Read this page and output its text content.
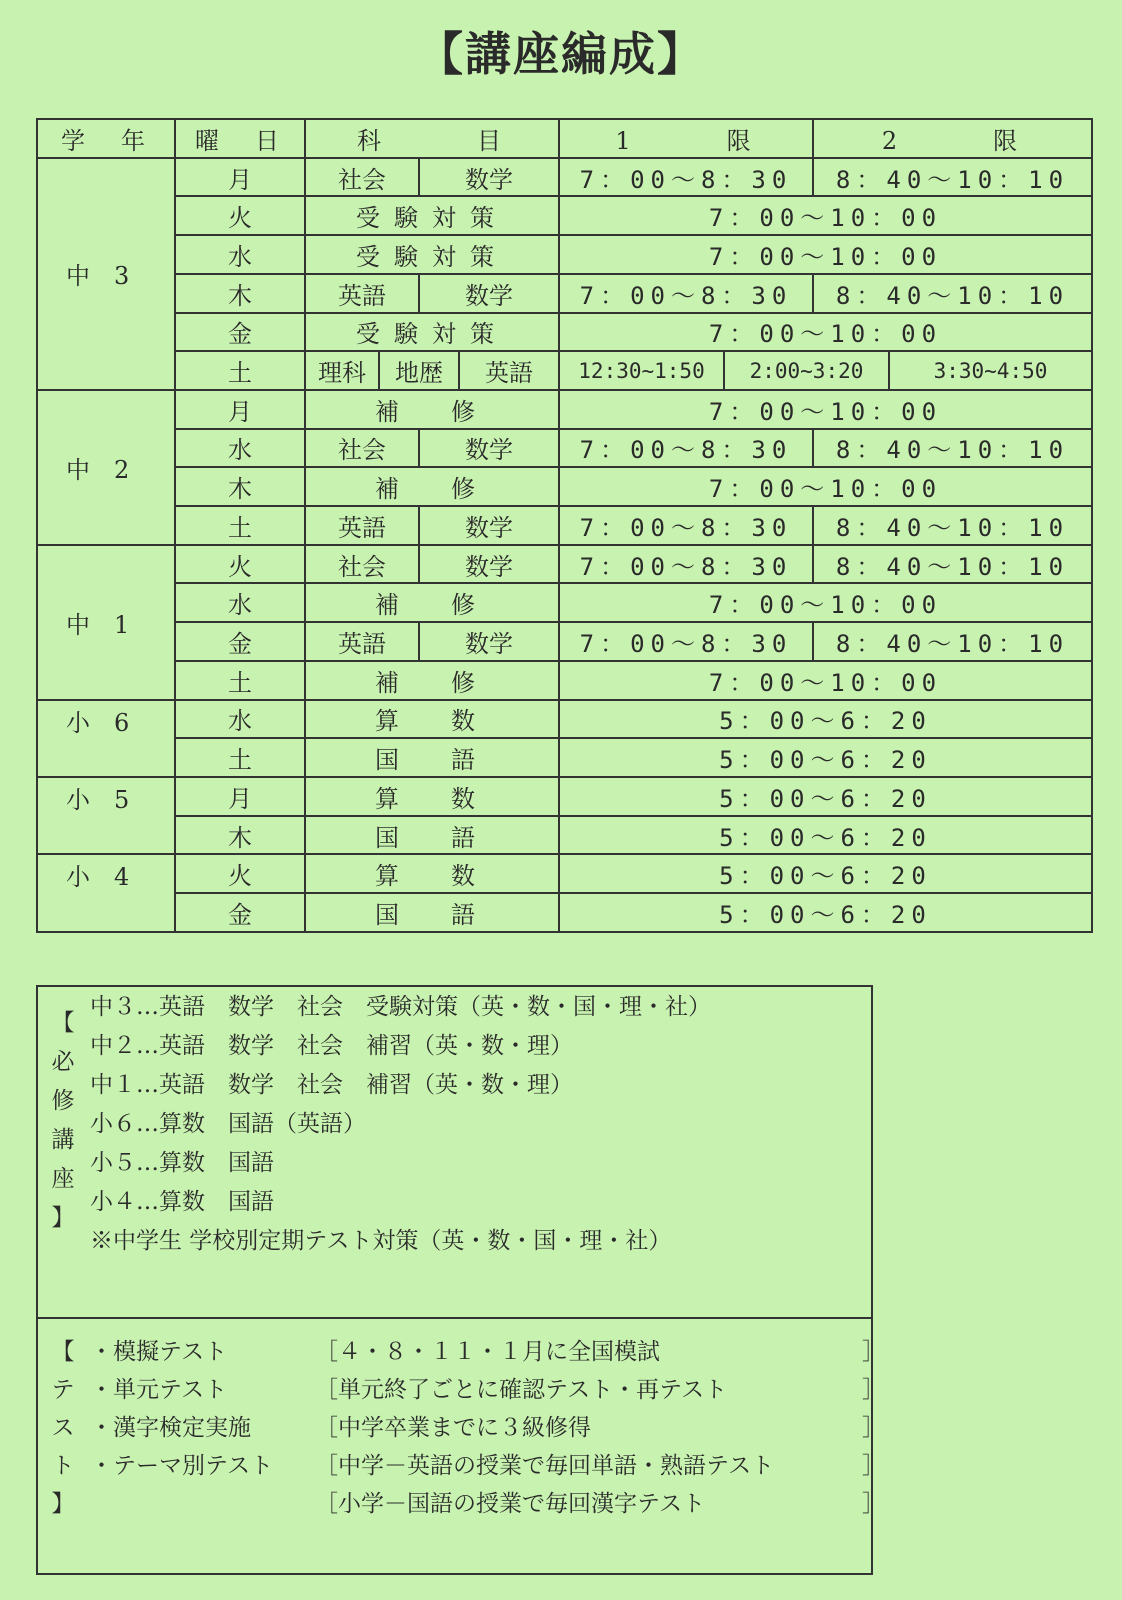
【講座編成】
学　年	曜　日	科　　　目				1　　　限		2　　　限	
中　3	月	社会		数学		7：00～8：30		8：40～10：10	
	火	受験対策				7：00～10：00			
	水	受験対策				7：00～10：00			
	木	英語		数学		7：00～8：30		8：40～10：10	
	金	受験対策				7：00～10：00			
	土	理科	地歴		英語	12:30~1:50	2:00~3:20		3:30~4:50
中　2	月	補　修				7：00～10：00			
	水	社会		数学		7：00～8：30		8：40～10：10	
	木	補　修				7：00～10：00			
	土	英語		数学		7：00～8：30		8：40～10：10	
中　1	火	社会		数学		7：00～8：30		8：40～10：10	
	水	補　修				7：00～10：00			
	金	英語		数学		7：00～8：30		8：40～10：10	
	土	補　修				7：00～10：00			
小　6	水	算　数				5：00～6：20			
	土	国　語				5：00～6：20			
小　5	月	算　数				5：00～6：20			
	木	国　語				5：00～6：20			
小　4	火	算　数				5：00～6：20			
	金	国　語				5：00～6：20			
【
必
修
講
座
】
中３…英語　数学　社会　受験対策（英・数・国・理・社）
中２…英語　数学　社会　補習（英・数・理）
中１…英語　数学　社会　補習（英・数・理）
小６…算数　国語（英語）
小５…算数　国語
小４…算数　国語
※中学生 学校別定期テスト対策（英・数・国・理・社）
【
テ
ス
ト
】
・模擬テスト	［４・８・１１・１月に全国模試	］
・単元テスト	［単元終了ごとに確認テスト・再テスト	］
・漢字検定実施	［中学卒業までに３級修得	］
・テーマ別テスト ［中学－英語の授業で毎回単語・熟語テスト	］
［小学－国語の授業で毎回漢字テスト	］
